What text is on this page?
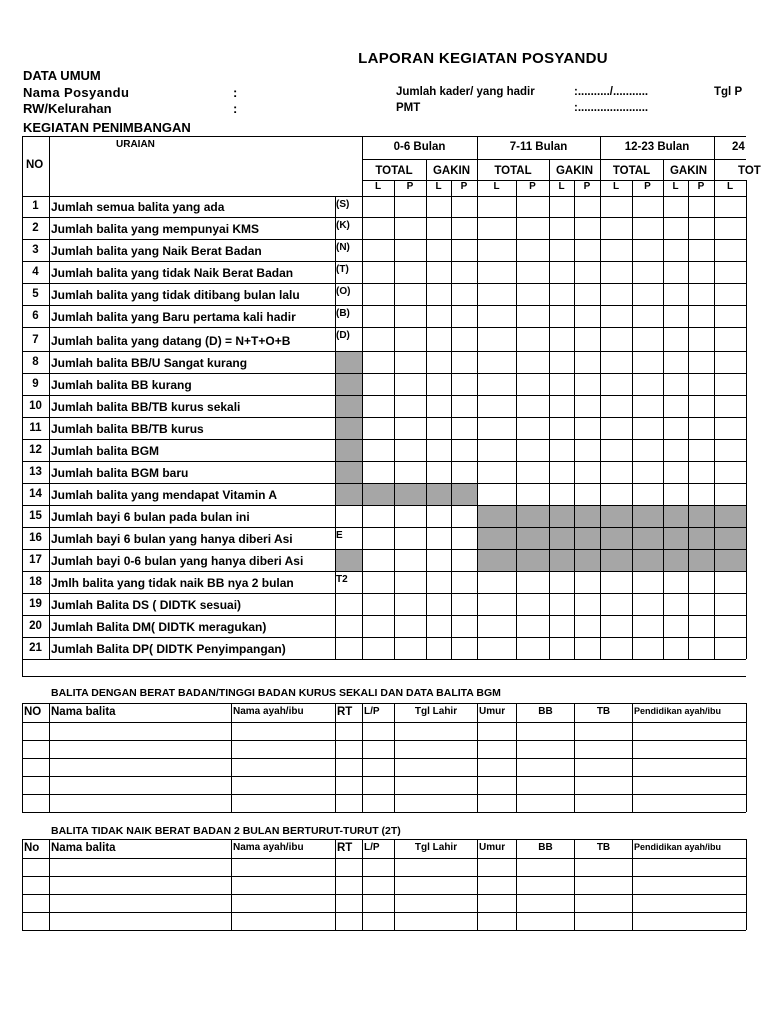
LAPORAN KEGIATAN POSYANDU
DATA UMUM
Nama Posyandu	:
RW/Kelurahan	:
Jumlah kader/ yang hadir	:........../...........	Tgl P
PMT	:......................
KEGIATAN PENIMBANGAN
NO
URAIAN	0-6 Bulan	7-11 Bulan	12-23 Bulan	24
TOTAL	GAKIN	TOTAL	GAKIN	TOTAL	GAKIN	TOT
L	P	L	P	L	P	L	P	L	P	L	P	L
1	Jumlah semua balita yang ada	(S)
2	Jumlah balita yang mempunyai KMS	(K)
3	Jumlah balita yang Naik Berat Badan	(N)
4	Jumlah balita yang tidak Naik Berat Badan	(T)
5	Jumlah balita yang tidak ditibang bulan lalu	(O)
6	Jumlah balita yang Baru pertama kali hadir	(B)
7	Jumlah balita yang datang (D) = N+T+O+B	(D)
8	Jumlah balita BB/U Sangat kurang
9	Jumlah balita BB kurang
10 Jumlah balita BB/TB kurus sekali
11 Jumlah balita BB/TB kurus
12 Jumlah balita BGM
13 Jumlah balita BGM baru
14 Jumlah balita yang mendapat Vitamin A
15 Jumlah bayi 6 bulan pada bulan ini
16 Jumlah bayi 6 bulan yang hanya diberi Asi	E
17 Jumlah bayi 0-6 bulan yang hanya diberi Asi
18 Jmlh balita yang tidak naik BB nya 2 bulan	T2
19 Jumlah Balita DS ( DIDTK sesuai)
20 Jumlah Balita DM( DIDTK meragukan)
21 Jumlah Balita DP( DIDTK Penyimpangan)
BALITA DENGAN BERAT BADAN/TINGGI BADAN KURUS SEKALI DAN DATA BALITA BGM
NO Nama balita	Nama ayah/ibu	RT	L/P	Tgl Lahir	Umur	BB	TB	Pendidikan ayah/ibu
BALITA TIDAK NAIK BERAT BADAN 2 BULAN BERTURUT-TURUT (2T)
No	Nama balita	Nama ayah/ibu	RT	L/P	Tgl Lahir	Umur	BB	TB	Pendidikan ayah/ibu
